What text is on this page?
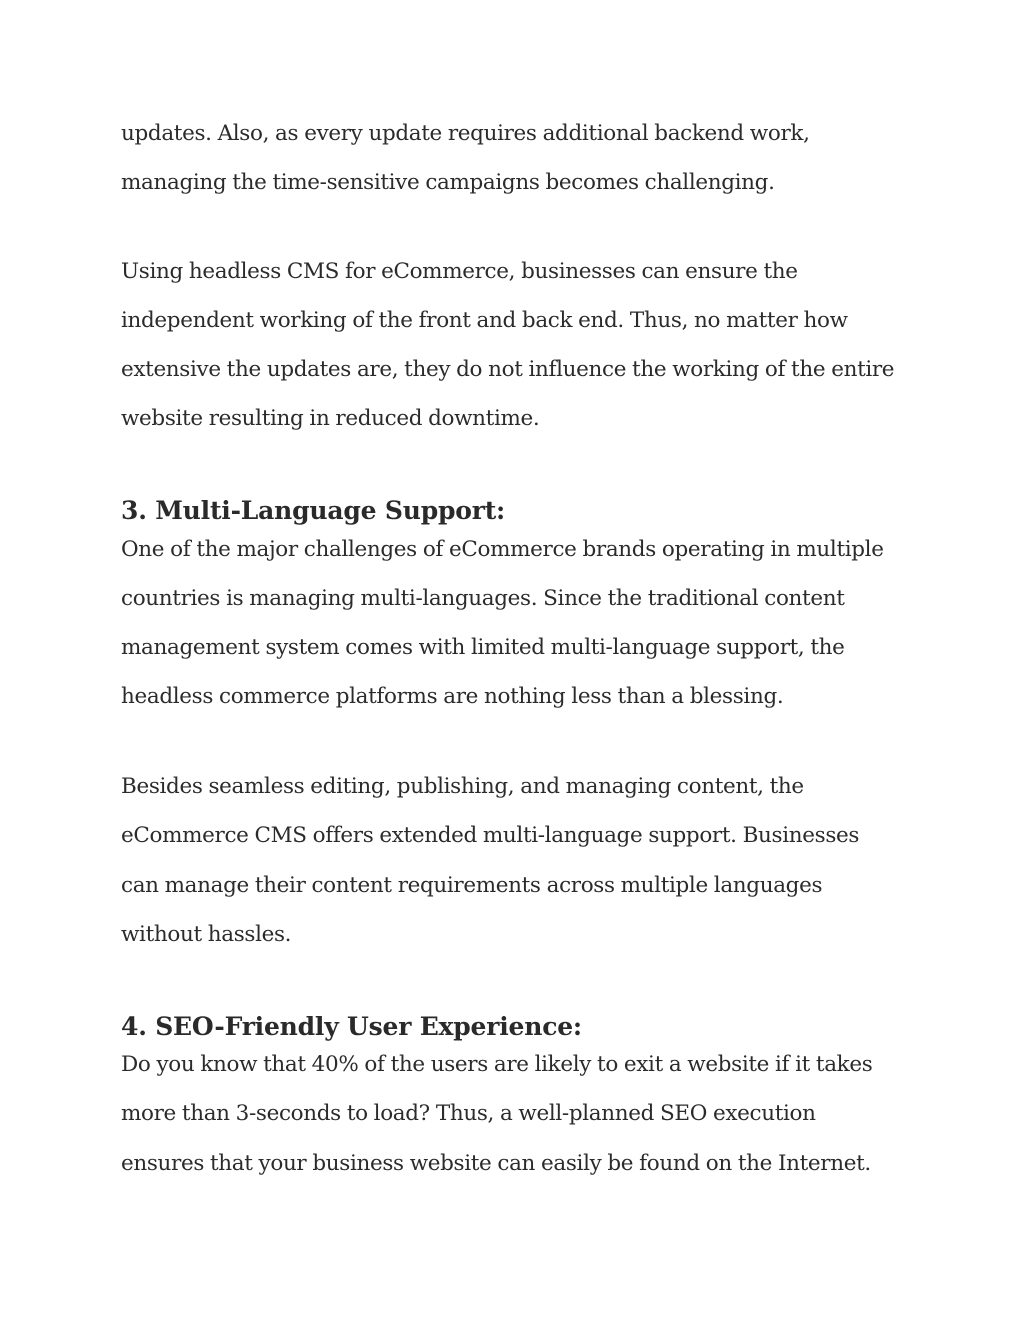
updates. Also, as every update requires additional backend work,
managing the time-sensitive campaigns becomes challenging.
Using headless CMS for eCommerce, businesses can ensure the
independent working of the front and back end. Thus, no matter how
extensive the updates are, they do not influence the working of the entire
website resulting in reduced downtime.
3. Multi-Language Support:
One of the major challenges of eCommerce brands operating in multiple
countries is managing multi-languages. Since the traditional content
management system comes with limited multi-language support, the
headless commerce platforms are nothing less than a blessing.
Besides seamless editing, publishing, and managing content, the
eCommerce CMS offers extended multi-language support. Businesses
can manage their content requirements across multiple languages
without hassles.
4. SEO-Friendly User Experience:
Do you know that 40% of the users are likely to exit a website if it takes
more than 3-seconds to load? Thus, a well-planned SEO execution
ensures that your business website can easily be found on the Internet.
